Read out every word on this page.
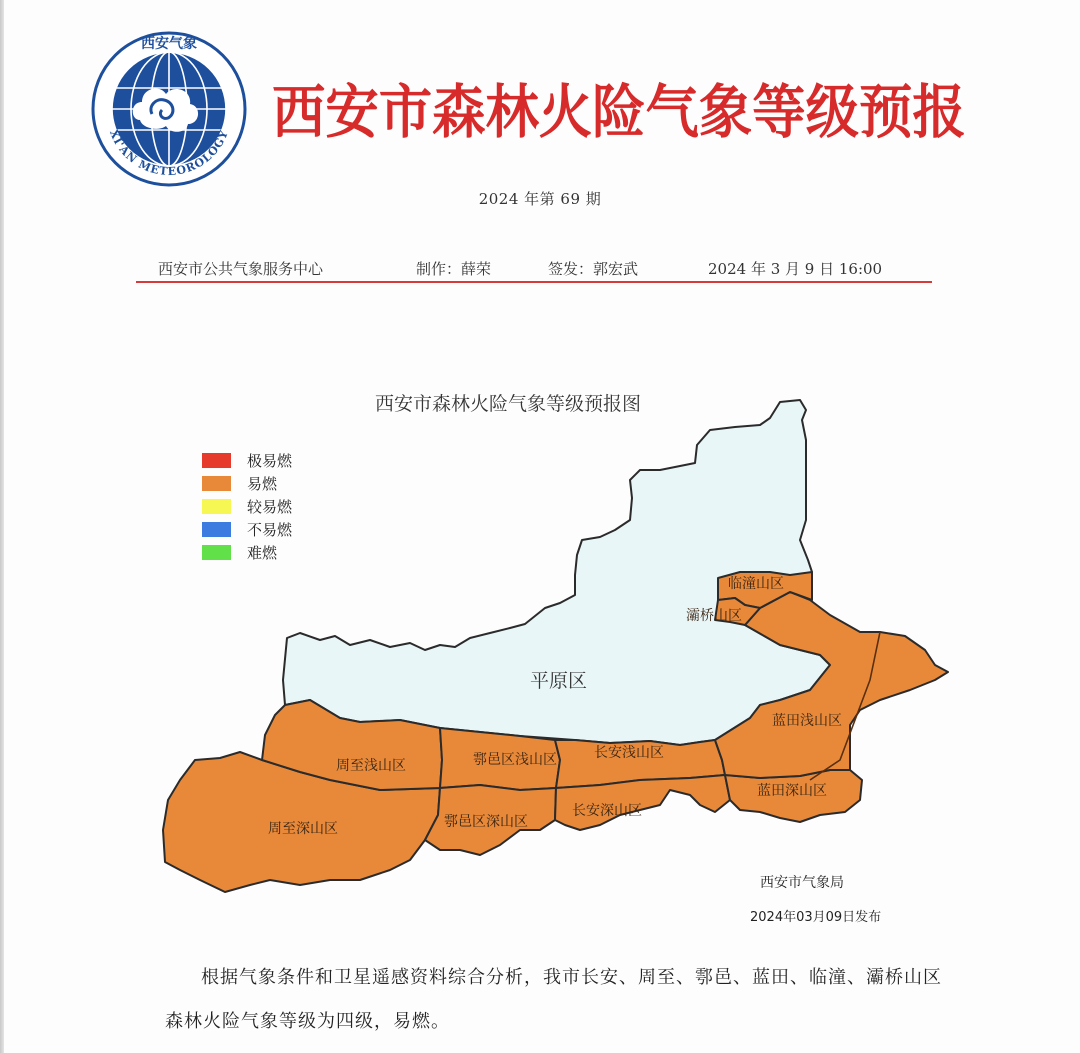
西安气象
XI'AN METEOROLOGY 西安市森林火险气象等级预报
2024 年第 69 期
西安市公共气象服务中心	制作：薛荣	签发：郭宏武	2024 年 3 月 9 日 16:00
西安市森林火险气象等级预报图
极易燃
易燃
较易燃
不易燃
难燃
平原区
临潼山区
灞桥山区
蓝田浅山区
蓝田深山区
周至浅山区
周至深山区
鄠邑区浅山区
鄠邑区深山区
长安浅山区
长安深山区
西安市气象局
2024年03月09日发布
根据气象条件和卫星遥感资料综合分析，我市长安、周至、鄠邑、蓝田、临潼、灞桥山区森林火险气象等级为四级，易燃。
